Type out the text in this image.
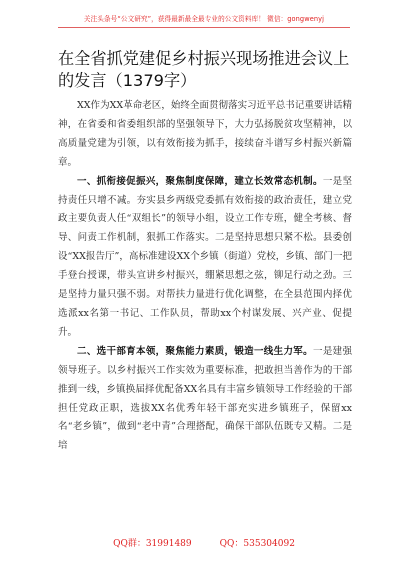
关注头条号“公文研究”，获得最新最全最专业的公文资料库！ 微信：gongwenyj
在全省抓党建促乡村振兴现场推进会议上的发言（1379字）

XX作为XX革命老区，始终全面贯彻落实习近平总书记重要讲话精神，在省委和省委组织部的坚强领导下，大力弘扬脱贫攻坚精神，以高质量党建为引领，以有效衔接为抓手，接续奋斗谱写乡村振兴新篇章。

一、抓衔接促振兴，聚焦制度保障，建立长效常态机制。一是坚持责任只增不减。夯实县乡两级党委抓有效衔接的政治责任，建立党政主要负责人任“双组长”的领导小组，设立工作专班，健全考核、督导、问责工作机制，狠抓工作落实。二是坚持思想只紧不松。县委创设“XX报告厅”，高标准建设XX个乡镇（街道）党校，乡镇、部门一把手登台授课，带头宣讲乡村振兴，绷紧思想之弦，铆足行动之劲。三是坚持力量只强不弱。对帮扶力量进行优化调整，在全县范围内择优选派xx名第一书记、工作队员，帮助xx个村谋发展、兴产业、促提升。

二、选干部育本领，聚焦能力素质，锻造一线生力军。一是建强领导班子。以乡村振兴工作实效为重要标准，把敢担当善作为的干部推到一线，乡镇换届择优配备XX名具有丰富乡镇领导工作经验的干部担任党政正职，选拔XX名优秀年轻干部充实进乡镇班子，保留xx名“老乡镇”，做到“老中青”合理搭配，确保干部队伍既专又精。二是培

QQ群：31991489	QQ：535304092
